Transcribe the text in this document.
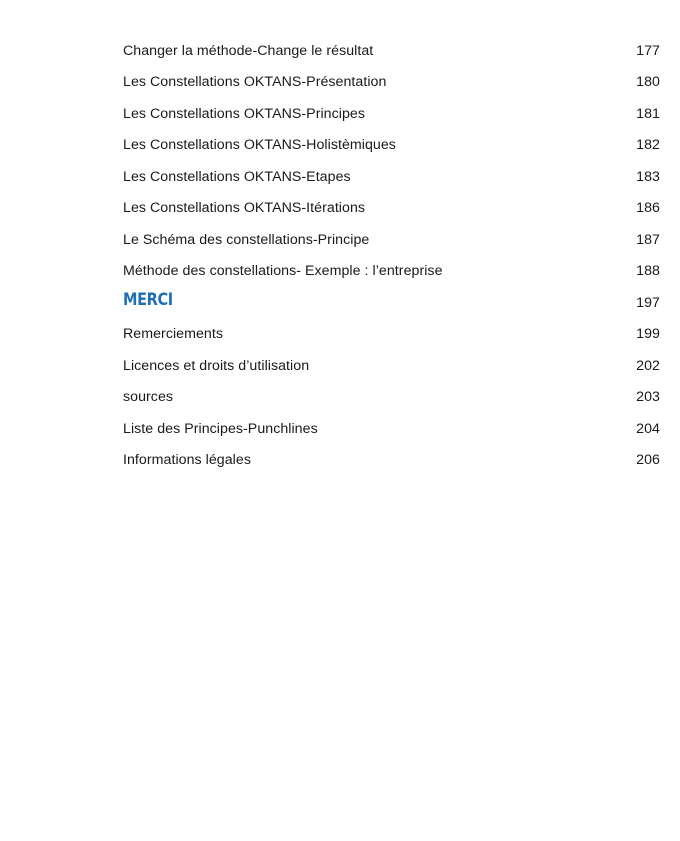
Changer la méthode-Change le résultat	177
Les Constellations OKTANS-Présentation	180
Les Constellations OKTANS-Principes	181
Les Constellations OKTANS-Holistèmiques	182
Les Constellations OKTANS-Etapes	183
Les Constellations OKTANS-Itérations	186
Le Schéma des constellations-Principe	187
Méthode des constellations- Exemple : l’entreprise	188
MERCI	197
Remerciements	199
Licences et droits d’utilisation	202
sources	203
Liste des Principes-Punchlines	204
Informations légales	206
